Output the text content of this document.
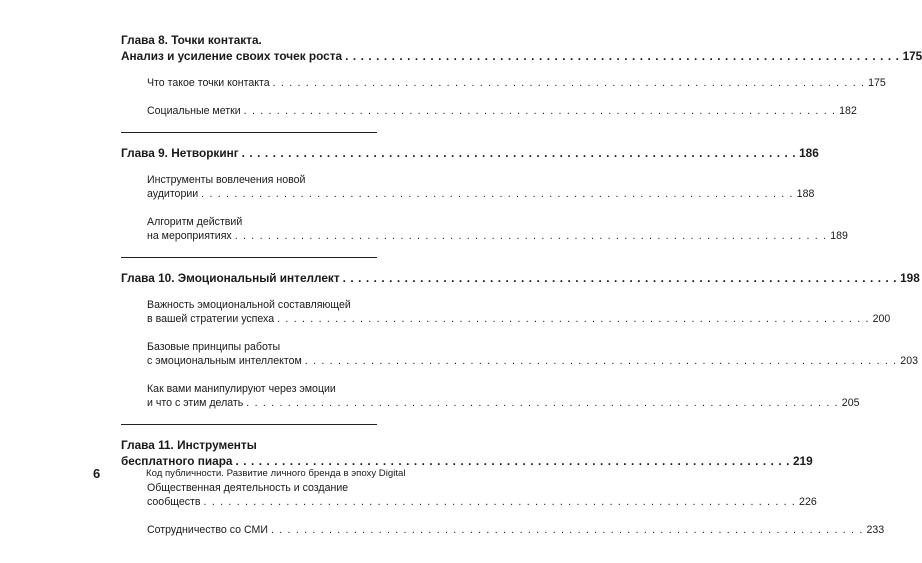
Глава 8. Точки контакта.
Анализ и усиление своих точек роста . . .	175
Что такое точки контакта . . .	175
Социальные метки . . .	182
Глава 9. Нетворкинг . . .	186
Инструменты вовлечения новой
аудитории . . .	188
Алгоритм действий
на мероприятиях . . .	189
Глава 10. Эмоциональный интеллект . . .	198
Важность эмоциональной составляющей
в вашей стратегии успеха . . .	200
Базовые принципы работы
с эмоциональным интеллектом . . .	203
Как вами манипулируют через эмоции
и что с этим делать . . .	205
Глава 11. Инструменты
бесплатного пиара . . .	219
Общественная деятельность и создание
сообществ . . .	226
Сотрудничество со СМИ . . .	233
6	Код публичности. Развитие личного бренда в эпоху Digital
